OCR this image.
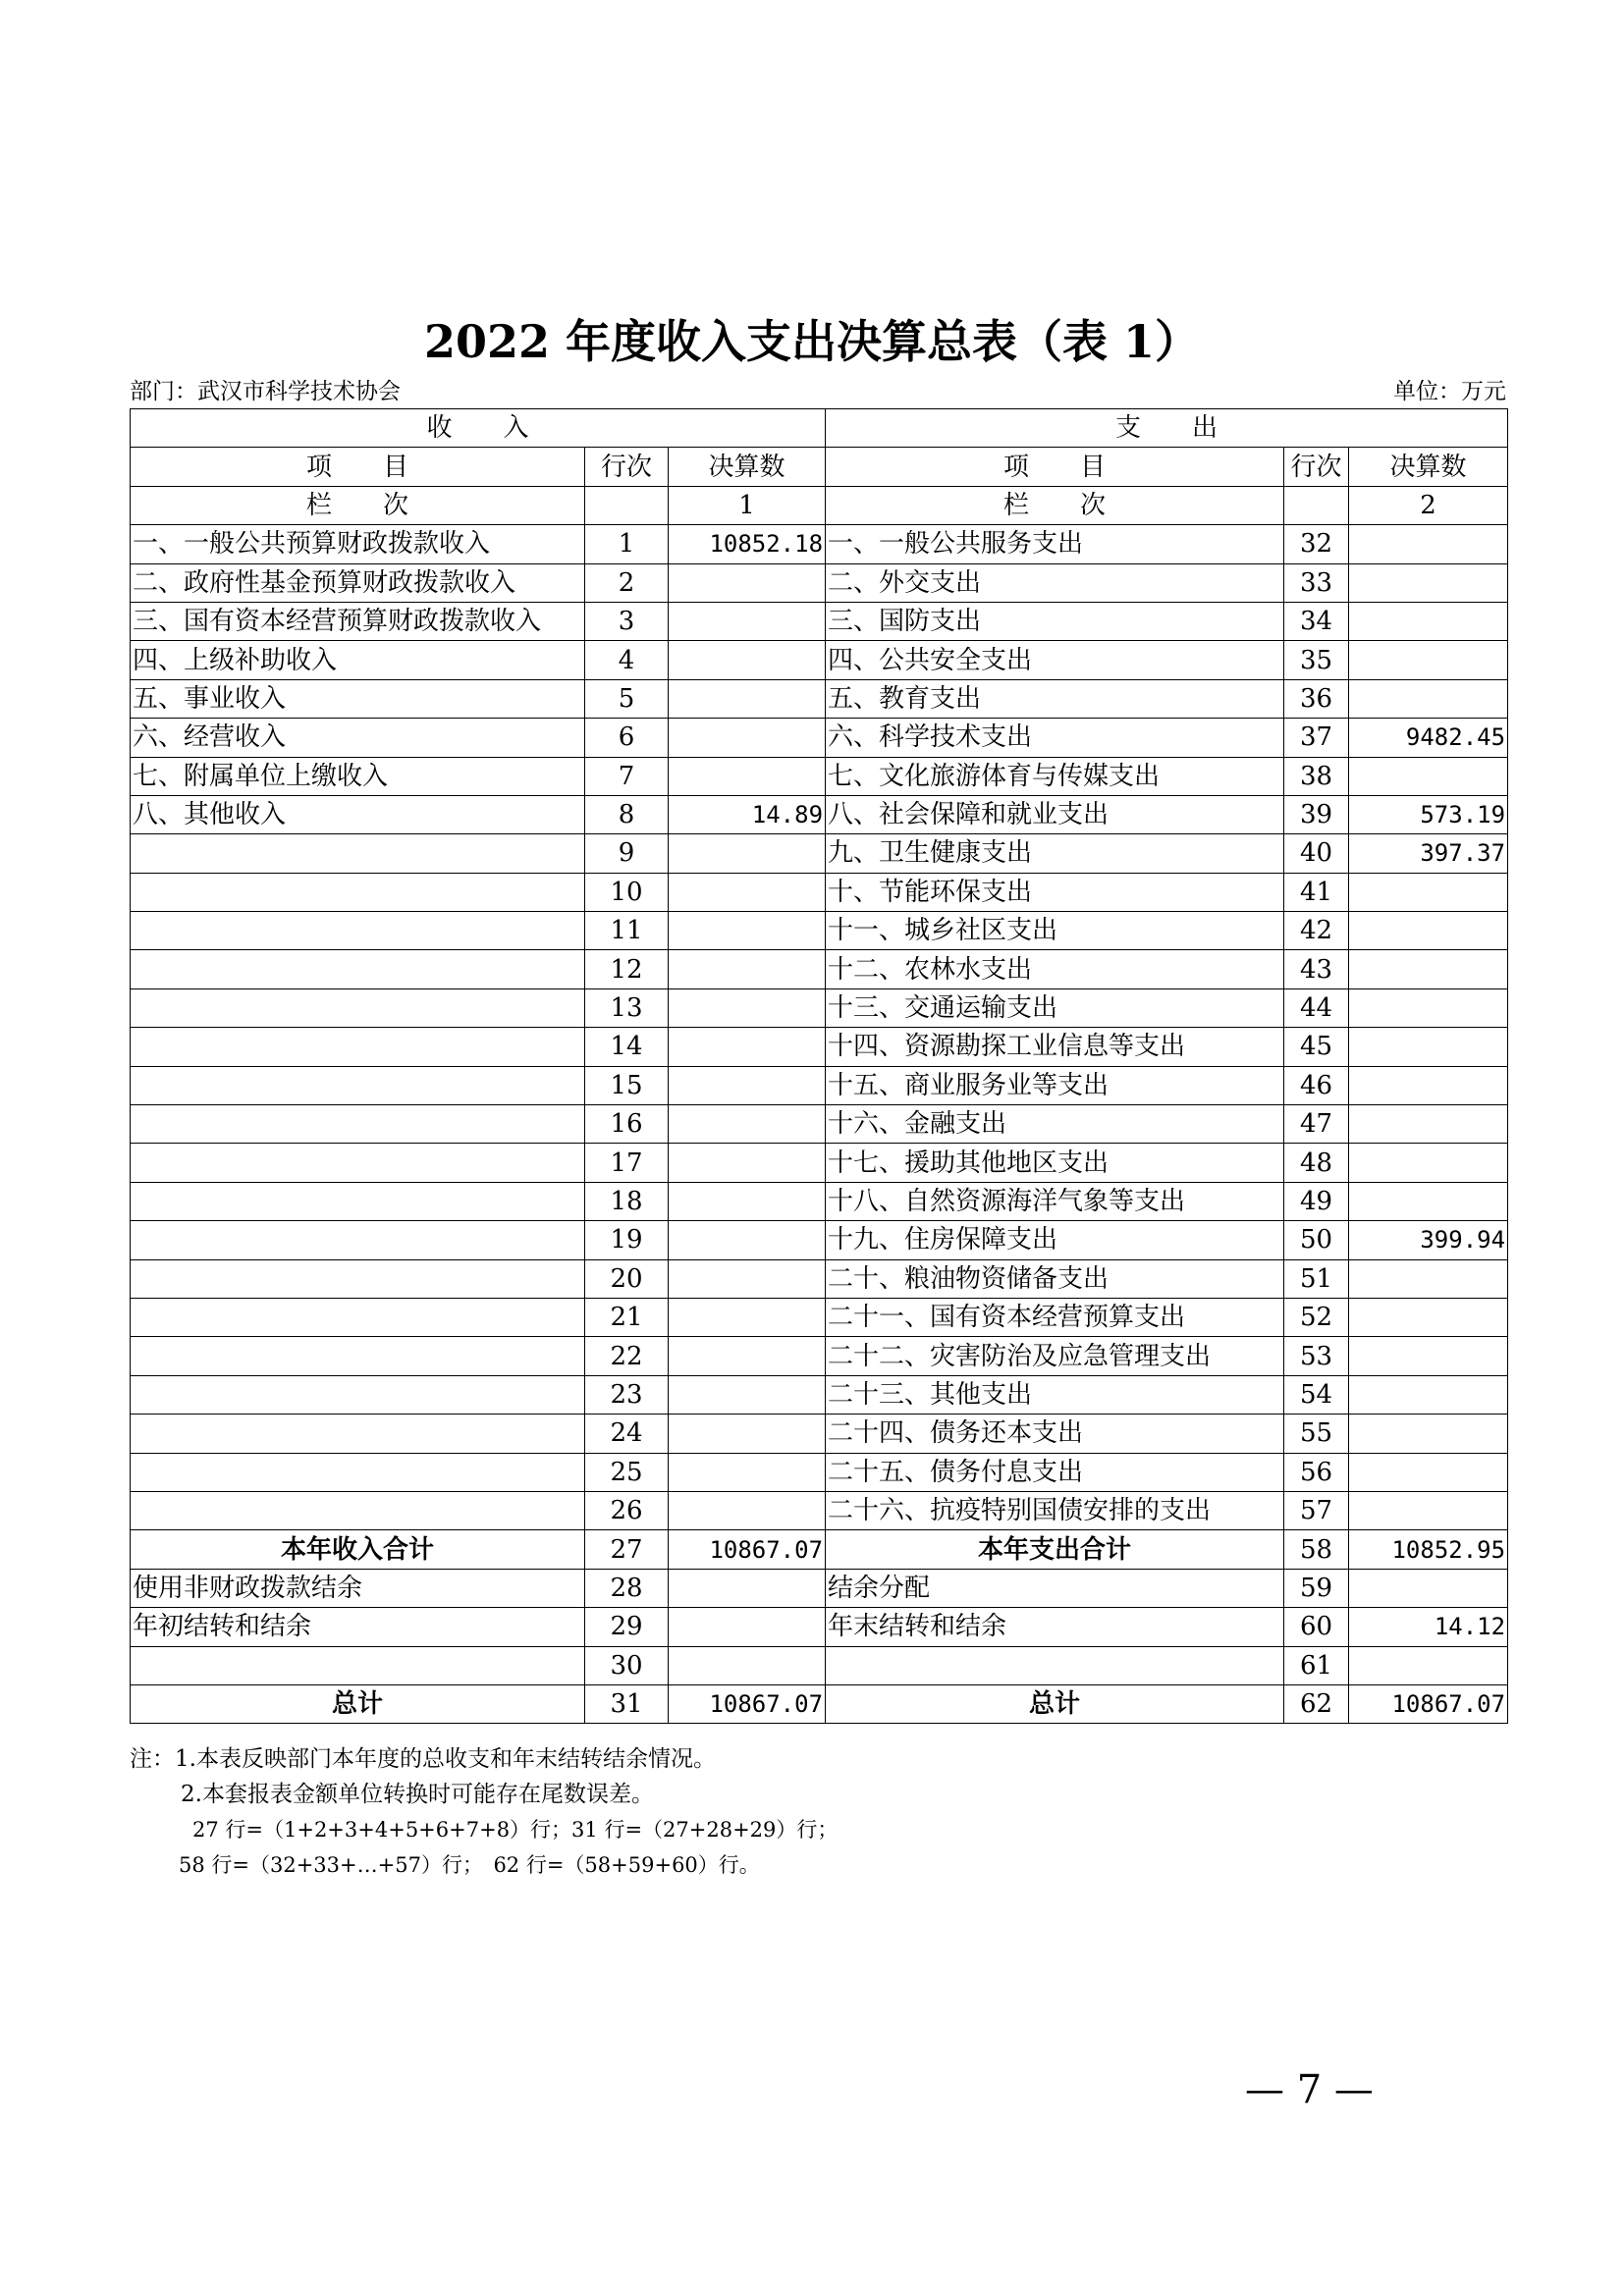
2022 年度收入支出决算总表（表 1）
部门：武汉市科学技术协会	单位：万元
收　　入			支　　出		
项　　目	行次	决算数	项　　目	行次	决算数
栏　　次		1	栏　　次		2
一、一般公共预算财政拨款收入	1	10852.18	一、一般公共服务支出	32	
二、政府性基金预算财政拨款收入	2		二、外交支出	33	
三、国有资本经营预算财政拨款收入	3		三、国防支出	34	
四、上级补助收入	4		四、公共安全支出	35	
五、事业收入	5		五、教育支出	36	
六、经营收入	6		六、科学技术支出	37	9482.45
七、附属单位上缴收入	7		七、文化旅游体育与传媒支出	38	
八、其他收入	8	14.89	八、社会保障和就业支出	39	573.19
	9		九、卫生健康支出	40	397.37
	10		十、节能环保支出	41	
	11		十一、城乡社区支出	42	
	12		十二、农林水支出	43	
	13		十三、交通运输支出	44	
	14		十四、资源勘探工业信息等支出	45	
	15		十五、商业服务业等支出	46	
	16		十六、金融支出	47	
	17		十七、援助其他地区支出	48	
	18		十八、自然资源海洋气象等支出	49	
	19		十九、住房保障支出	50	399.94
	20		二十、粮油物资储备支出	51	
	21		二十一、国有资本经营预算支出	52	
	22		二十二、灾害防治及应急管理支出	53	
	23		二十三、其他支出	54	
	24		二十四、债务还本支出	55	
	25		二十五、债务付息支出	56	
	26		二十六、抗疫特别国债安排的支出	57	
本年收入合计	27	10867.07	本年支出合计	58	10852.95
使用非财政拨款结余	28		结余分配	59	
年初结转和结余	29		年末结转和结余	60	14.12
	30			61	
总计	31	10867.07	总计	62	10867.07
注：1.本表反映部门本年度的总收支和年末结转结余情况。
2.本套报表金额单位转换时可能存在尾数误差。
27 行=（1+2+3+4+5+6+7+8）行；31 行=（27+28+29）行；
58 行=（32+33+…+57）行；　62 行=（58+59+60）行。
— 7 —
